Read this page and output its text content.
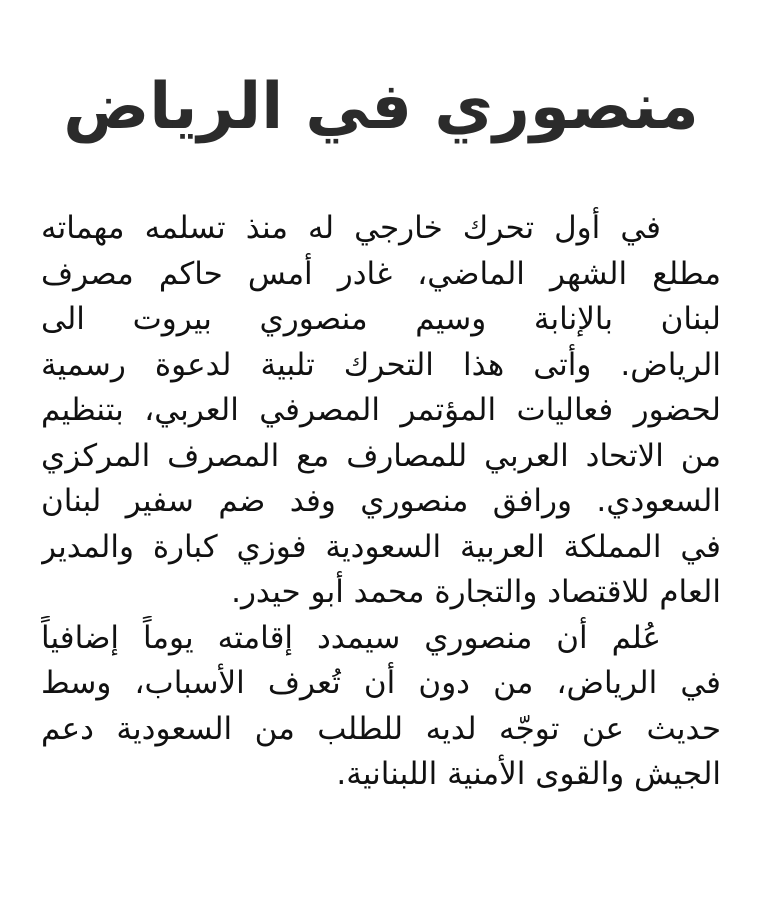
منصوري في الرياض

في أول تحرك خارجي له منذ تسلمه مهماته
مطلع الشهر الماضي، غادر أمس حاكم مصرف
لبنان بالإنابة وسيم منصوري بيروت الى
الرياض. وأتى هذا التحرك تلبية لدعوة رسمية
لحضور فعاليات المؤتمر المصرفي العربي، بتنظيم
من الاتحاد العربي للمصارف مع المصرف المركزي
السعودي. ورافق منصوري وفد ضم سفير لبنان
في المملكة العربية السعودية فوزي كبارة والمدير
العام للاقتصاد والتجارة محمد أبو حيدر.

عُلم أن منصوري سيمدد إقامته يوماً إضافياً
في الرياض، من دون أن تُعرف الأسباب، وسط
حديث عن توجّه لديه للطلب من السعودية دعم
الجيش والقوى الأمنية اللبنانية.
